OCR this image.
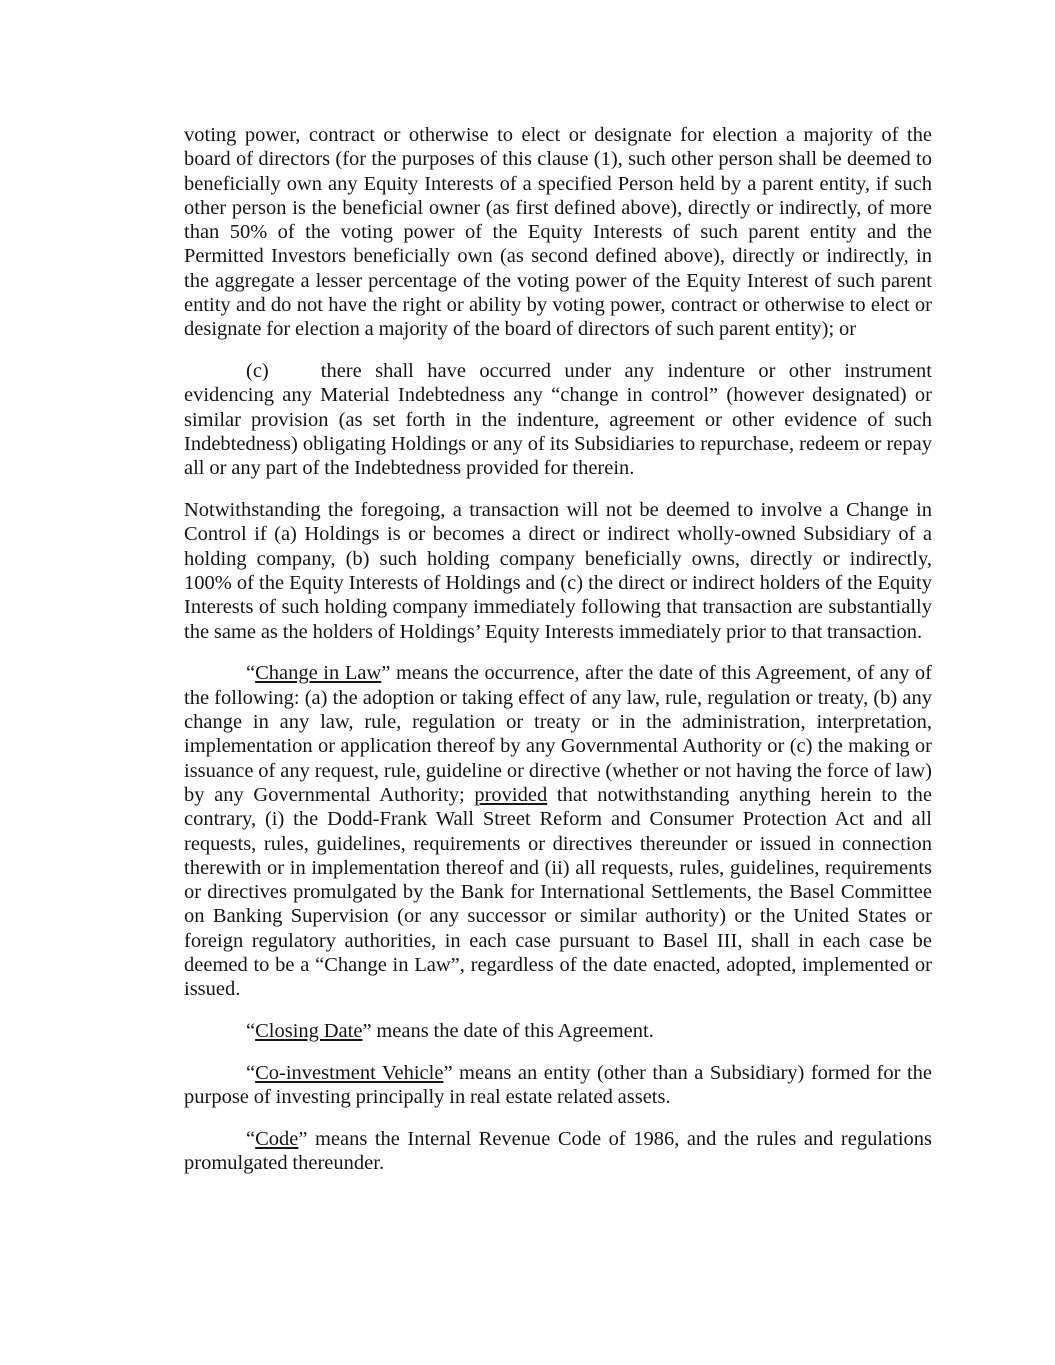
voting power, contract or otherwise to elect or designate for election a majority of the board of directors (for the purposes of this clause (1), such other person shall be deemed to beneficially own any Equity Interests of a specified Person held by a parent entity, if such other person is the beneficial owner (as first defined above), directly or indirectly, of more than 50% of the voting power of the Equity Interests of such parent entity and the Permitted Investors beneficially own (as second defined above), directly or indirectly, in the aggregate a lesser percentage of the voting power of the Equity Interest of such parent entity and do not have the right or ability by voting power, contract or otherwise to elect or designate for election a majority of the board of directors of such parent entity); or

(c)	there shall have occurred under any indenture or other instrument evidencing any Material Indebtedness any “change in control” (however designated) or similar provision (as set forth in the indenture, agreement or other evidence of such Indebtedness) obligating Holdings or any of its Subsidiaries to repurchase, redeem or repay all or any part of the Indebtedness provided for therein.

Notwithstanding the foregoing, a transaction will not be deemed to involve a Change in Control if (a) Holdings is or becomes a direct or indirect wholly-owned Subsidiary of a holding company, (b) such holding company beneficially owns, directly or indirectly, 100% of the Equity Interests of Holdings and (c) the direct or indirect holders of the Equity Interests of such holding company immediately following that transaction are substantially the same as the holders of Holdings’ Equity Interests immediately prior to that transaction.

“Change in Law” means the occurrence, after the date of this Agreement, of any of the following: (a) the adoption or taking effect of any law, rule, regulation or treaty, (b) any change in any law, rule, regulation or treaty or in the administration, interpretation, implementation or application thereof by any Governmental Authority or (c) the making or issuance of any request, rule, guideline or directive (whether or not having the force of law) by any Governmental Authority; provided that notwithstanding anything herein to the contrary, (i) the Dodd-Frank Wall Street Reform and Consumer Protection Act and all requests, rules, guidelines, requirements or directives thereunder or issued in connection therewith or in implementation thereof and (ii) all requests, rules, guidelines, requirements or directives promulgated by the Bank for International Settlements, the Basel Committee on Banking Supervision (or any successor or similar authority) or the United States or foreign regulatory authorities, in each case pursuant to Basel III, shall in each case be deemed to be a “Change in Law”, regardless of the date enacted, adopted, implemented or issued.

“Closing Date” means the date of this Agreement.

“Co-investment Vehicle” means an entity (other than a Subsidiary) formed for the purpose of investing principally in real estate related assets.

“Code” means the Internal Revenue Code of 1986, and the rules and regulations promulgated thereunder.
